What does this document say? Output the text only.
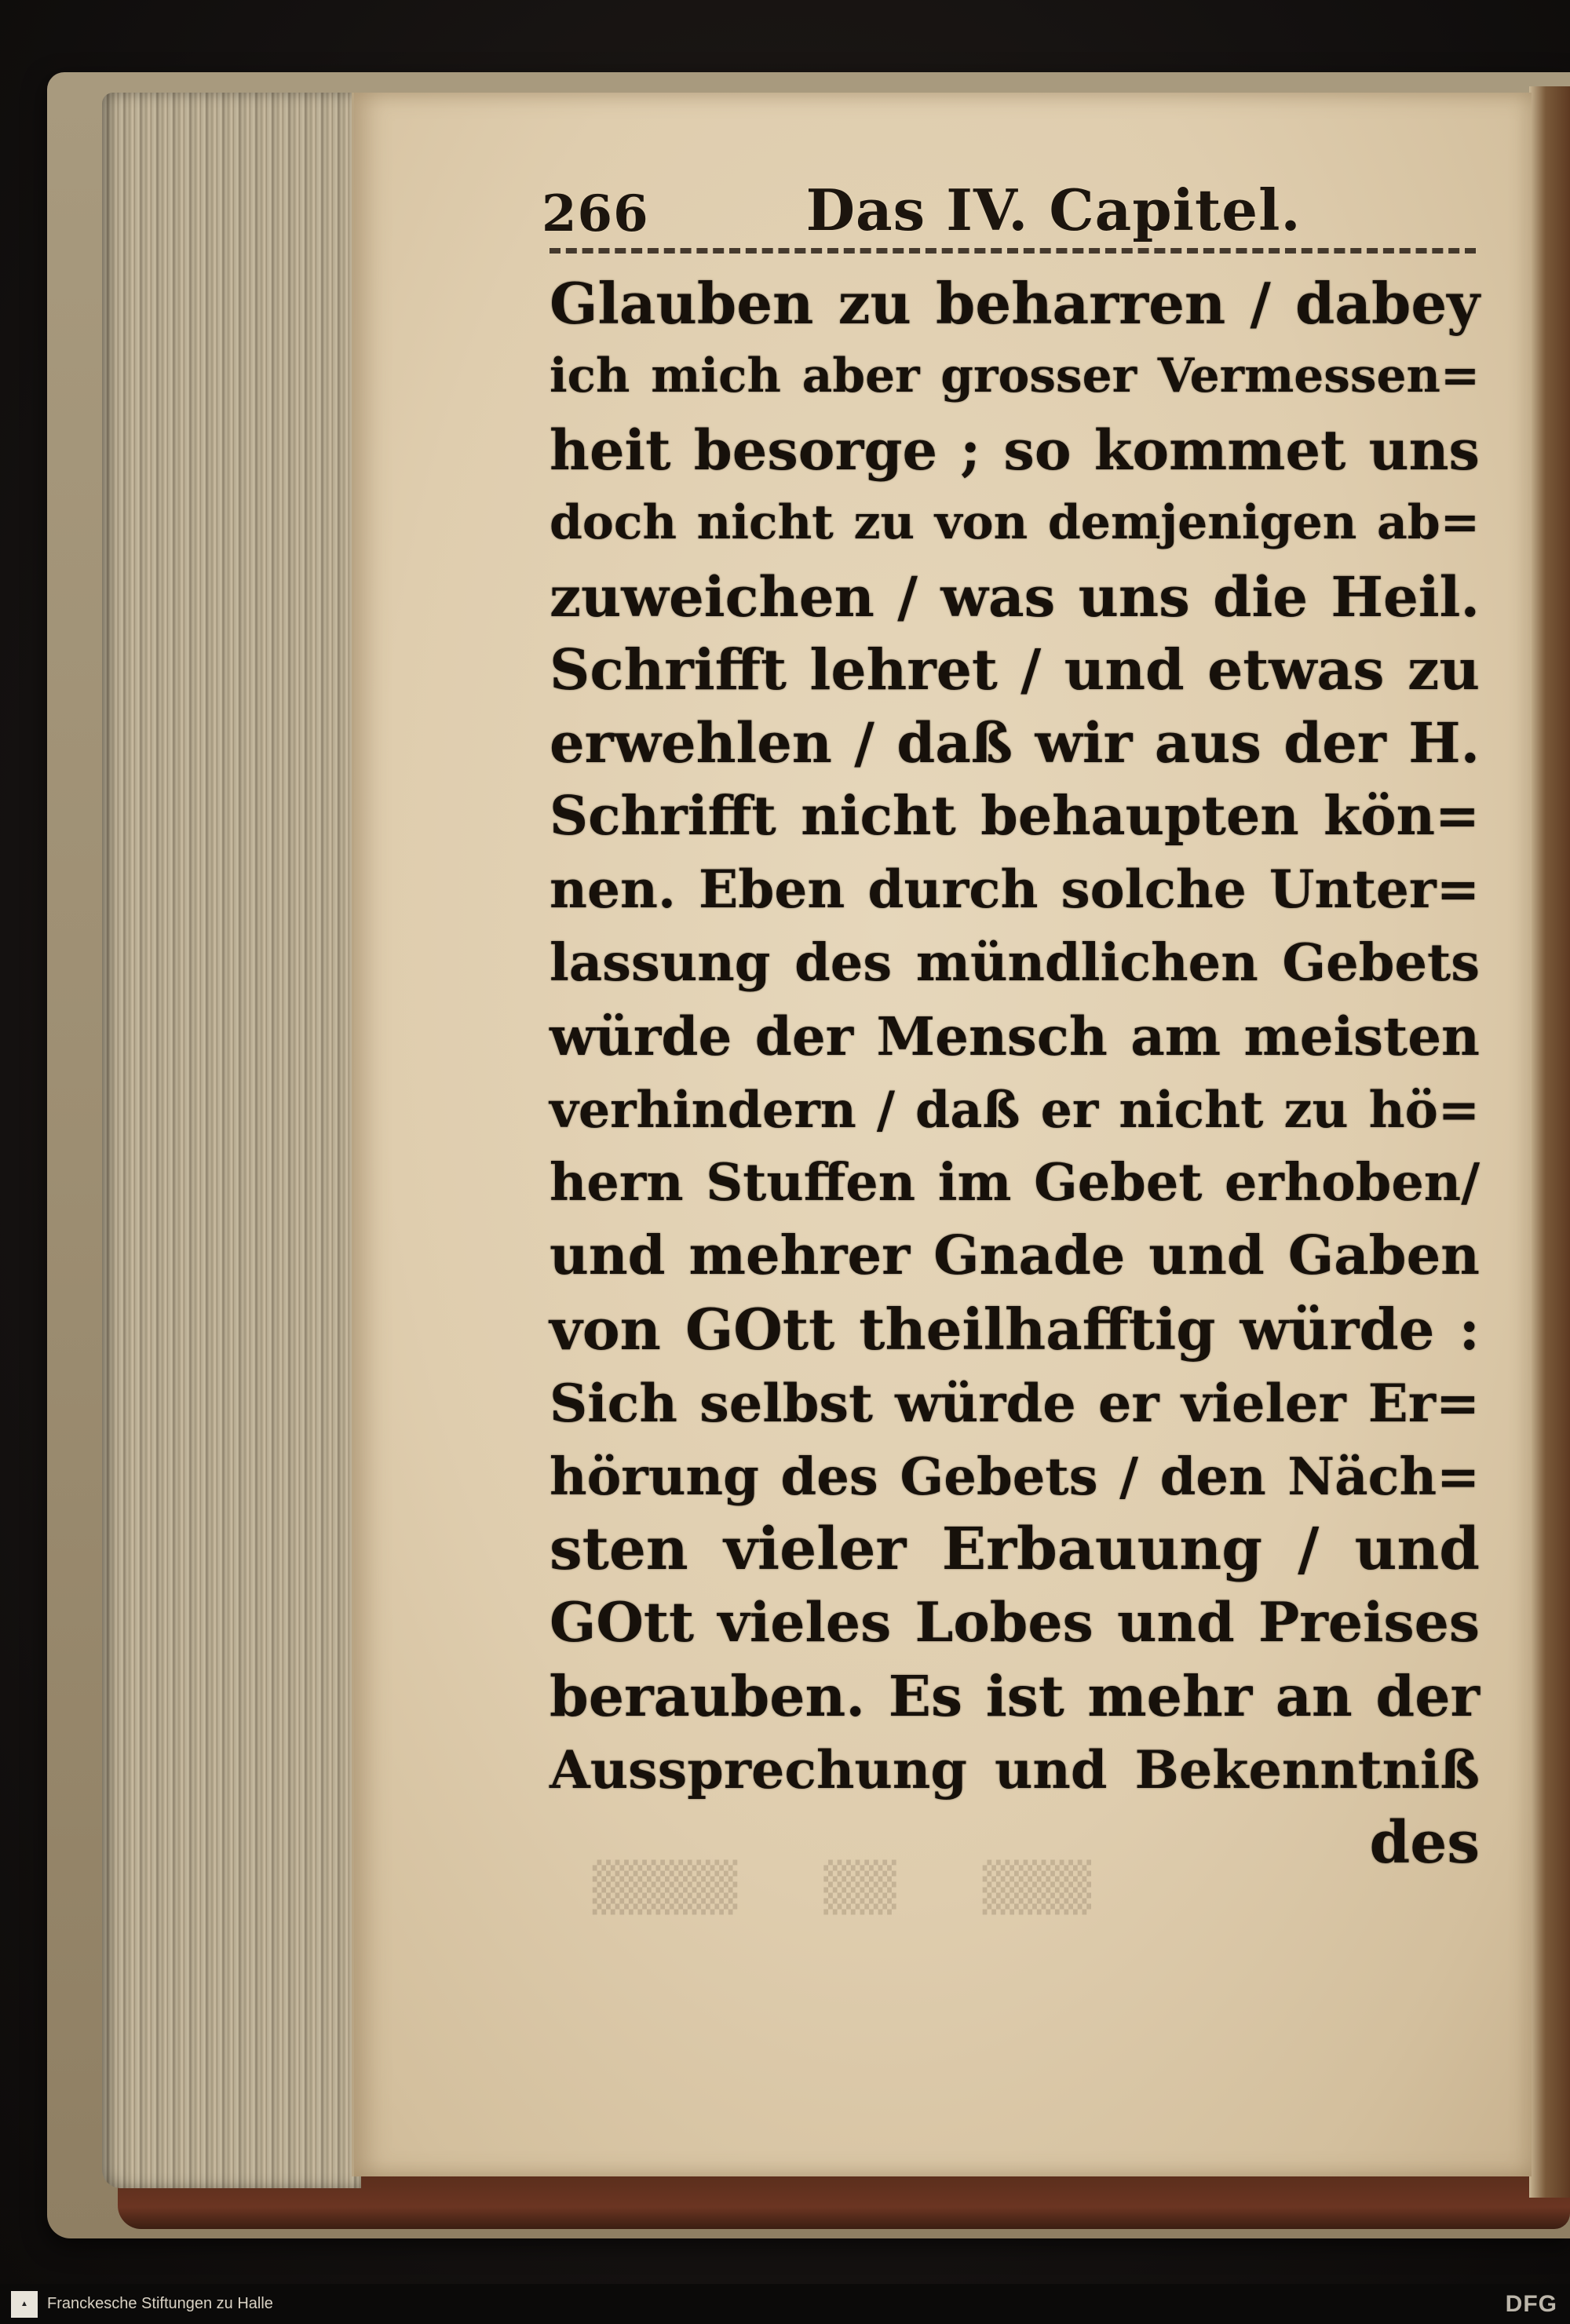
▒▒▒
▒▒
▒▒▒▒
266	Das IV. Capitel.
Glauben zu beharren / dabey
ich mich aber grosser Vermessen=
heit besorge ; so kommet uns
doch nicht zu von demjenigen ab=
zuweichen / was uns die Heil.
Schrifft lehret / und etwas zu
erwehlen / daß wir aus der H.
Schrifft nicht behaupten kön=
nen. Eben durch solche Unter=
lassung des mündlichen Gebets
würde der Mensch am meisten
verhindern / daß er nicht zu hö=
hern Stuffen im Gebet erhoben/
und mehrer Gnade und Gaben
von GOtt theilhafftig würde :
Sich selbst würde er vieler Er=
hörung des Gebets / den Näch=
sten vieler Erbauung / und
GOtt vieles Lobes und Preises
berauben. Es ist mehr an der
Aussprechung und Bekenntniß
des
▲	Franckesche Stiftungen zu Halle	DFG
